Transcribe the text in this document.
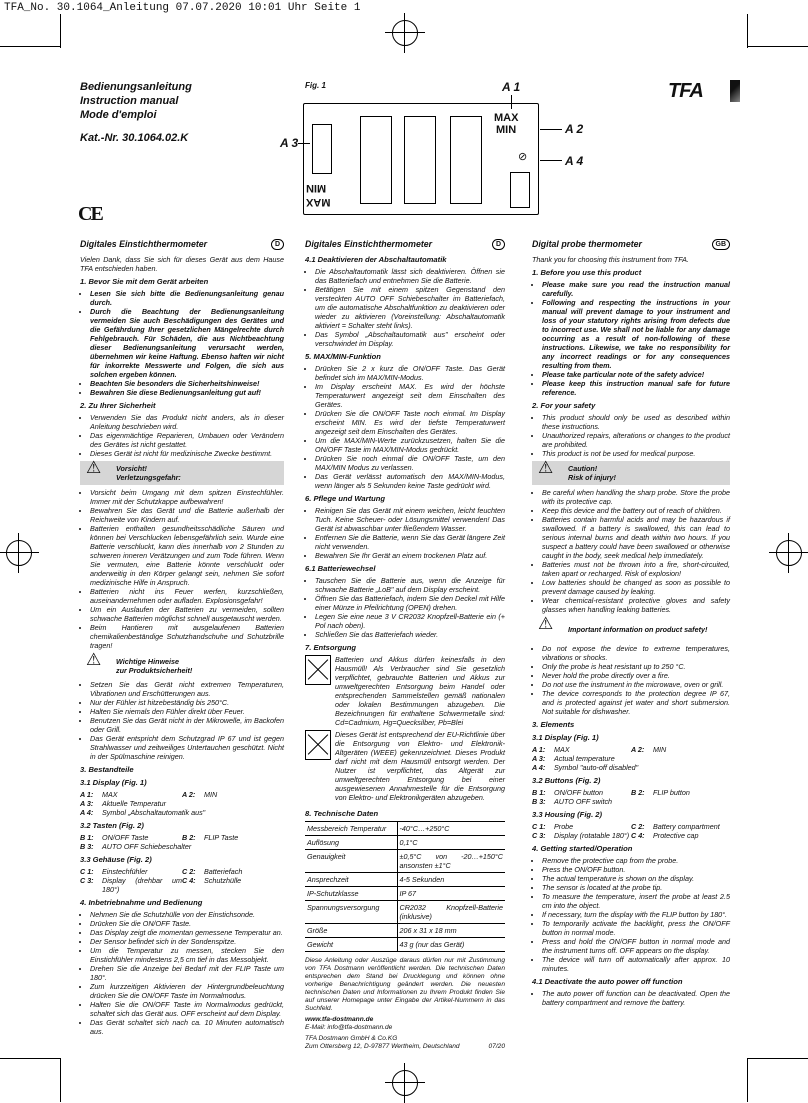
TFA_No. 30.1064_Anleitung 07.07.2020 10:01 Uhr Seite 1
Bedienungsanleitung
Instruction manual
Mode d'emploi
Kat.-Nr. 30.1064.02.K
CE
TFA
Fig. 1	A 1
A 2
A 3
A 4
MAX
MIN
⊘
MIN
MAX
Digitales Einstichthermometer	D

Vielen Dank, dass Sie sich für dieses Gerät aus dem Hause TFA entschieden haben.

1. Bevor Sie mit dem Gerät arbeiten
• Lesen Sie sich bitte die Bedienungsanleitung genau durch.
• Durch die Beachtung der Bedienungsanleitung vermeiden Sie auch Beschädigungen des Gerätes und die Gefährdung Ihrer gesetzlichen Mängelrechte durch Fehlgebrauch. Für Schäden, die aus Nichtbeachtung dieser Bedienungsanleitung verursacht werden, übernehmen wir keine Haftung. Ebenso haften wir nicht für inkorrekte Messwerte und Folgen, die sich aus solchen ergeben können.
• Beachten Sie besonders die Sicherheitshinweise!
• Bewahren Sie diese Bedienungsanleitung gut auf!
2. Zu Ihrer Sicherheit
• Verwenden Sie das Produkt nicht anders, als in dieser Anleitung beschrieben wird.
• Das eigenmächtige Reparieren, Umbauen oder Verändern des Gerätes ist nicht gestattet.
• Dieses Gerät ist nicht für medizinische Zwecke bestimmt.
⚠ Vorsicht!
Verletzungsgefahr:
• Vorsicht beim Umgang mit dem spitzen Einstechfühler. Immer mit der Schutzkappe aufbewahren!
• Bewahren Sie das Gerät und die Batterie außerhalb der Reichweite von Kindern auf.
• Batterien enthalten gesundheitsschädliche Säuren und können bei Verschlucken lebensgefährlich sein. Wurde eine Batterie verschluckt, kann dies innerhalb von 2 Stunden zu schweren inneren Verätzungen und zum Tode führen. Wenn Sie vermuten, eine Batterie könnte verschluckt oder anderweitig in den Körper gelangt sein, nehmen Sie sofort medizinische Hilfe in Anspruch.
• Batterien nicht ins Feuer werfen, kurzschließen, auseinandernehmen oder aufladen. Explosionsgefahr!
• Um ein Auslaufen der Batterien zu vermeiden, sollten schwache Batterien möglichst schnell ausgetauscht werden.
• Beim Hantieren mit ausgelaufenen Batterien chemikalienbeständige Schutzhandschuhe und Schutzbrille tragen!
⚠ Wichtige Hinweise
zur Produktsicherheit!
• Setzen Sie das Gerät nicht extremen Temperaturen, Vibrationen und Erschütterungen aus.
• Nur der Fühler ist hitzebeständig bis 250°C.
• Halten Sie niemals den Fühler direkt über Feuer.
• Benutzen Sie das Gerät nicht in der Mikrowelle, im Backofen oder Grill.
• Das Gerät entspricht dem Schutzgrad IP 67 und ist gegen Strahlwasser und zeitweiliges Untertauchen geschützt. Nicht in der Spülmaschine reinigen.
3. Bestandteile
3.1 Display (Fig. 1)
A 1:	MAX	A 2:	MIN
A 3:	Aktuelle Temperatur
A 4:	Symbol „Abschaltautomatik aus"
3.2 Tasten (Fig. 2)
B 1:	ON/OFF Taste	B 2:	FLIP Taste
B 3:	AUTO OFF Schiebeschalter
3.3 Gehäuse (Fig. 2)
C 1:	Einstechfühler	C 2:	Batteriefach
C 3:	Display (drehbar um 180°)
C 4:	Schutzhülle
4. Inbetriebnahme und Bedienung
• Nehmen Sie die Schutzhülle von der Einstichsonde.
• Drücken Sie die ON/OFF Taste.
• Das Display zeigt die momentan gemessene Temperatur an.
• Der Sensor befindet sich in der Sondenspitze.
• Um die Temperatur zu messen, stecken Sie den Einstichfühler mindestens 2,5 cm tief in das Messobjekt.
• Drehen Sie die Anzeige bei Bedarf mit der FLIP Taste um 180°.
• Zum kurzzeitigen Aktivieren der Hintergrundbeleuchtung drücken Sie die ON/OFF Taste im Normalmodus.
• Halten Sie die ON/OFF Taste im Normalmodus gedrückt, schaltet sich das Gerät aus. OFF erscheint auf dem Display.
• Das Gerät schaltet sich nach ca. 10 Minuten automatisch aus.
Digitales Einstichthermometer	D
4.1 Deaktivieren der Abschaltautomatik
• Die Abschaltautomatik lässt sich deaktivieren. Öffnen sie das Batteriefach und entnehmen Sie die Batterie.
• Betätigen Sie mit einem spitzen Gegenstand den versteckten AUTO OFF Schiebeschalter im Batteriefach, um die automatische Abschaltfunktion zu deaktivieren oder wieder zu aktivieren (Voreinstellung: Abschaltautomatik aktiviert = Schalter steht links).
• Das Symbol „Abschaltautomatik aus" erscheint oder verschwindet im Display.
5. MAX/MIN-Funktion
• Drücken Sie 2 x kurz die ON/OFF Taste. Das Gerät befindet sich im MAX/MIN-Modus.
• Im Display erscheint MAX. Es wird der höchste Temperaturwert angezeigt seit dem Einschalten des Gerätes.
• Drücken Sie die ON/OFF Taste noch einmal. Im Display erscheint MIN. Es wird der tiefste Temperaturwert angezeigt seit dem Einschalten des Gerätes.
• Um die MAX/MIN-Werte zurückzusetzen, halten Sie die ON/OFF Taste im MAX/MIN-Modus gedrückt.
• Drücken Sie noch einmal die ON/OFF Taste, um den MAX/MIN Modus zu verlassen.
• Das Gerät verlässt automatisch den MAX/MIN-Modus, wenn länger als 5 Sekunden keine Taste gedrückt wird.
6. Pflege und Wartung
• Reinigen Sie das Gerät mit einem weichen, leicht feuchten Tuch. Keine Scheuer- oder Lösungsmittel verwenden! Das Gerät ist abwaschbar unter fließendem Wasser.
• Entfernen Sie die Batterie, wenn Sie das Gerät längere Zeit nicht verwenden.
• Bewahren Sie Ihr Gerät an einem trockenen Platz auf.
6.1 Batteriewechsel
• Tauschen Sie die Batterie aus, wenn die Anzeige für schwache Batterie „LoB" auf dem Display erscheint.
• Öffnen Sie das Batteriefach, indem Sie den Deckel mit Hilfe einer Münze in Pfeilrichtung (OPEN) drehen.
• Legen Sie eine neue 3 V CR2032 Knopfzell-Batterie ein (+ Pol nach oben).
• Schließen Sie das Batteriefach wieder.
7. Entsorgung

Batterien und Akkus dürfen keinesfalls in den Hausmüll! Als Verbraucher sind Sie gesetzlich verpflichtet, gebrauchte Batterien und Akkus zur umweltgerechten Entsorgung beim Handel oder entsprechenden Sammelstellen gemäß nationalen oder lokalen Bestimmungen abzugeben. Die Bezeichnungen für enthaltene Schwermetalle sind: Cd=Cadmium, Hg=Quecksilber, Pb=Blei

Dieses Gerät ist entsprechend der EU-Richtlinie über die Entsorgung von Elektro- und Elektronik-Altgeräten (WEEE) gekennzeichnet. Dieses Produkt darf nicht mit dem Hausmüll entsorgt werden. Der Nutzer ist verpflichtet, das Altgerät zur umweltgerechten Entsorgung bei einer ausgewiesenen Annahmestelle für die Entsorgung von Elektro- und Elektronikgeräten abzugeben.

8. Technische Daten
Messbereich Temperatur	-40°C…+250°C
Auflösung	0,1°C
Genauigkeit	±0,5°C von -20…+150°C ansonsten ±1°C
Ansprechzeit	4-5 Sekunden
IP-Schutzklasse	IP 67
Spannungsversorgung	CR2032 Knopfzell-Batterie (inklusive)
Größe	206 x 31 x 18 mm
Gewicht	43 g (nur das Gerät)

Diese Anleitung oder Auszüge daraus dürfen nur mit Zustimmung von TFA Dostmann veröffentlicht werden. Die technischen Daten entsprechen dem Stand bei Drucklegung und können ohne vorherige Benachrichtigung geändert werden. Die neuesten technischen Daten und Informationen zu Ihrem Produkt finden Sie auf unserer Homepage unter Eingabe der Artikel-Nummern in das Suchfeld.

www.tfa-dostmann.de
E-Mail: info@tfa-dostmann.de
TFA Dostmann GmbH & Co.KG
Zum Ottersberg 12, D-97877 Wertheim, Deutschland	07/20
Digital probe thermometer	GB

Thank you for choosing this instrument from TFA.

1. Before you use this product
• Please make sure you read the instruction manual carefully.
• Following and respecting the instructions in your manual will prevent damage to your instrument and loss of your statutory rights arising from defects due to incorrect use. We shall not be liable for any damage occurring as a result of non-following of these instructions. Likewise, we take no responsibility for any incorrect readings or for any consequences resulting from them.
• Please take particular note of the safety advice!
• Please keep this instruction manual safe for future reference.
2. For your safety
• This product should only be used as described within these instructions.
• Unauthorized repairs, alterations or changes to the product are prohibited.
• This product is not be used for medical purpose.
⚠ Caution!
Risk of injury!
• Be careful when handling the sharp probe. Store the probe with its protective cap.
• Keep this device and the battery out of reach of children.
• Batteries contain harmful acids and may be hazardous if swallowed. If a battery is swallowed, this can lead to serious internal burns and death within two hours. If you suspect a battery could have been swallowed or otherwise caught in the body, seek medical help immediately.
• Batteries must not be thrown into a fire, short-circuited, taken apart or recharged. Risk of explosion!
• Low batteries should be changed as soon as possible to prevent damage caused by leaking.
• Wear chemical-resistant protective gloves and safety glasses when handling leaking batteries.
⚠ Important information on product safety!
• Do not expose the device to extreme temperatures, vibrations or shocks.
• Only the probe is heat resistant up to 250 °C.
• Never hold the probe directly over a fire.
• Do not use the instrument in the microwave, oven or grill.
• The device corresponds to the protection degree IP 67, and is protected against jet water and short submersion. Not suitable for dishwasher.
3. Elements
3.1 Display (Fig. 1)
A 1:	MAX	A 2:	MIN
A 3:	Actual temperature
A 4:	Symbol "auto-off disabled"
3.2 Buttons (Fig. 2)
B 1:	ON/OFF button	B 2:	FLIP button
B 3:	AUTO OFF switch
3.3 Housing (Fig. 2)
C 1:	Probe	C 2:	Battery compartment
C 3:	Display (rotatable 180°) C 4:	Protective cap
4. Getting started/Operation
• Remove the protective cap from the probe.
• Press the ON/OFF button.
• The actual temperature is shown on the display.
• The sensor is located at the probe tip.
• To measure the temperature, insert the probe at least 2.5 cm into the object.
• If necessary, turn the display with the FLIP button by 180°.
• To temporarily activate the backlight, press the ON/OFF button in normal mode.
• Press and hold the ON/OFF button in normal mode and the instrument turns off. OFF appears on the display.
• The device will turn off automatically after approx. 10 minutes.
4.1 Deactivate the auto power off function
• The auto power off function can be deactivated. Open the battery compartment and remove the battery.
